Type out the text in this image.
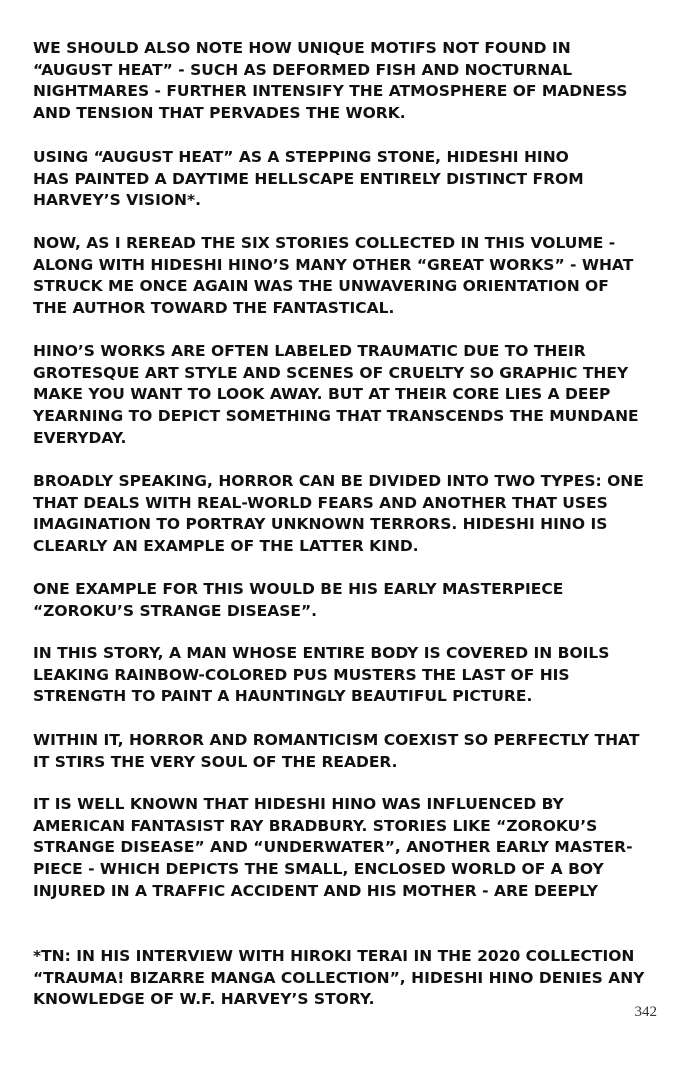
WE SHOULD ALSO NOTE HOW UNIQUE MOTIFS NOT FOUND IN
“AUGUST HEAT” - SUCH AS DEFORMED FISH AND NOCTURNAL
NIGHTMARES - FURTHER INTENSIFY THE ATMOSPHERE OF MADNESS
AND TENSION THAT PERVADES THE WORK.

USING “AUGUST HEAT” AS A STEPPING STONE, HIDESHI HINO
HAS PAINTED A DAYTIME HELLSCAPE ENTIRELY DISTINCT FROM
HARVEY’S VISION*.

NOW, AS I REREAD THE SIX STORIES COLLECTED IN THIS VOLUME -
ALONG WITH HIDESHI HINO’S MANY OTHER “GREAT WORKS” - WHAT
STRUCK ME ONCE AGAIN WAS THE UNWAVERING ORIENTATION OF
THE AUTHOR TOWARD THE FANTASTICAL.

HINO’S WORKS ARE OFTEN LABELED TRAUMATIC DUE TO THEIR
GROTESQUE ART STYLE AND SCENES OF CRUELTY SO GRAPHIC THEY
MAKE YOU WANT TO LOOK AWAY. BUT AT THEIR CORE LIES A DEEP
YEARNING TO DEPICT SOMETHING THAT TRANSCENDS THE MUNDANE
EVERYDAY.

BROADLY SPEAKING, HORROR CAN BE DIVIDED INTO TWO TYPES: ONE
THAT DEALS WITH REAL-WORLD FEARS AND ANOTHER THAT USES
IMAGINATION TO PORTRAY UNKNOWN TERRORS. HIDESHI HINO IS
CLEARLY AN EXAMPLE OF THE LATTER KIND.

ONE EXAMPLE FOR THIS WOULD BE HIS EARLY MASTERPIECE
“ZOROKU’S STRANGE DISEASE”.

IN THIS STORY, A MAN WHOSE ENTIRE BODY IS COVERED IN BOILS
LEAKING RAINBOW-COLORED PUS MUSTERS THE LAST OF HIS
STRENGTH TO PAINT A HAUNTINGLY BEAUTIFUL PICTURE.

WITHIN IT, HORROR AND ROMANTICISM COEXIST SO PERFECTLY THAT
IT STIRS THE VERY SOUL OF THE READER.

IT IS WELL KNOWN THAT HIDESHI HINO WAS INFLUENCED BY
AMERICAN FANTASIST RAY BRADBURY. STORIES LIKE “ZOROKU’S
STRANGE DISEASE” AND “UNDERWATER”, ANOTHER EARLY MASTER-
PIECE - WHICH DEPICTS THE SMALL, ENCLOSED WORLD OF A BOY
INJURED IN A TRAFFIC ACCIDENT AND HIS MOTHER - ARE DEEPLY

*TN: IN HIS INTERVIEW WITH HIROKI TERAI IN THE 2020 COLLECTION
“TRAUMA! BIZARRE MANGA COLLECTION”, HIDESHI HINO DENIES ANY
KNOWLEDGE OF W.F. HARVEY’S STORY.

342
